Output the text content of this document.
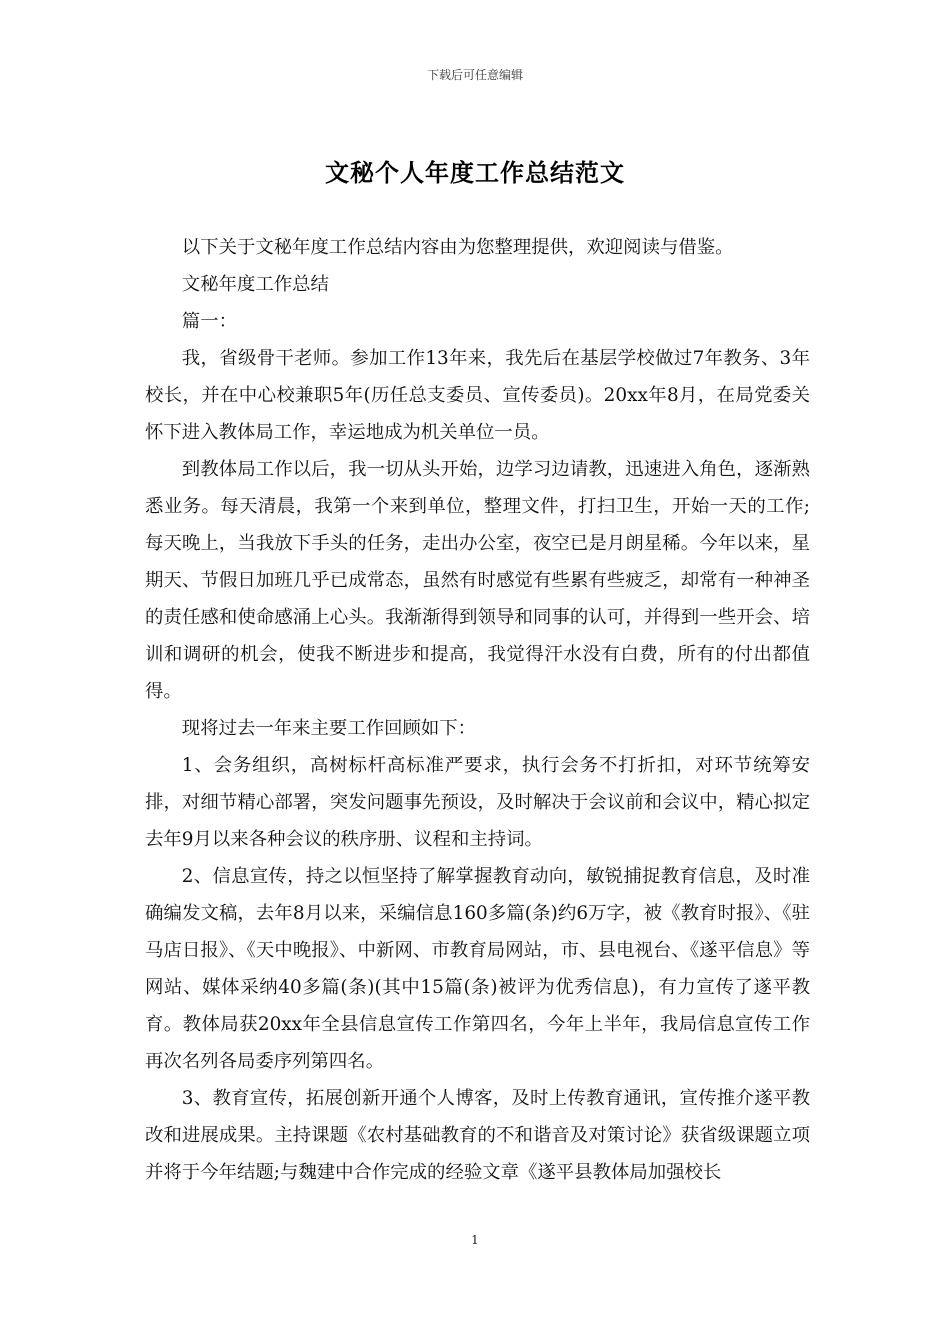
下载后可任意编辑
文秘个人年度工作总结范文

以下关于文秘年度工作总结内容由为您整理提供，欢迎阅读与借鉴。

文秘年度工作总结

篇一：

我，省级骨干老师。参加工作13年来，我先后在基层学校做过7年教务、3年校长，并在中心校兼职5年(历任总支委员、宣传委员)。20xx年8月，在局党委关怀下进入教体局工作，幸运地成为机关单位一员。

到教体局工作以后，我一切从头开始，边学习边请教，迅速进入角色，逐渐熟悉业务。每天清晨，我第一个来到单位，整理文件，打扫卫生，开始一天的工作;每天晚上，当我放下手头的任务，走出办公室，夜空已是月朗星稀。今年以来，星期天、节假日加班几乎已成常态，虽然有时感觉有些累有些疲乏，却常有一种神圣的责任感和使命感涌上心头。我渐渐得到领导和同事的认可，并得到一些开会、培训和调研的机会，使我不断进步和提高，我觉得汗水没有白费，所有的付出都值得。

现将过去一年来主要工作回顾如下：

1、会务组织，高树标杆高标准严要求，执行会务不打折扣，对环节统筹安排，对细节精心部署，突发问题事先预设，及时解决于会议前和会议中，精心拟定去年9月以来各种会议的秩序册、议程和主持词。

2、信息宣传，持之以恒坚持了解掌握教育动向，敏锐捕捉教育信息，及时准确编发文稿，去年8月以来，采编信息160多篇(条)约6万字，被《教育时报》、《驻马店日报》、《天中晚报》、中新网、市教育局网站，市、县电视台、《遂平信息》等网站、媒体采纳40多篇(条)(其中15篇(条)被评为优秀信息)，有力宣传了遂平教育。教体局获20xx年全县信息宣传工作第四名，今年上半年，我局信息宣传工作再次名列各局委序列第四名。

3、教育宣传，拓展创新开通个人博客，及时上传教育通讯，宣传推介遂平教改和进展成果。主持课题《农村基础教育的不和谐音及对策讨论》获省级课题立项并将于今年结题;与魏建中合作完成的经验文章《遂平县教体局加强校长

1
